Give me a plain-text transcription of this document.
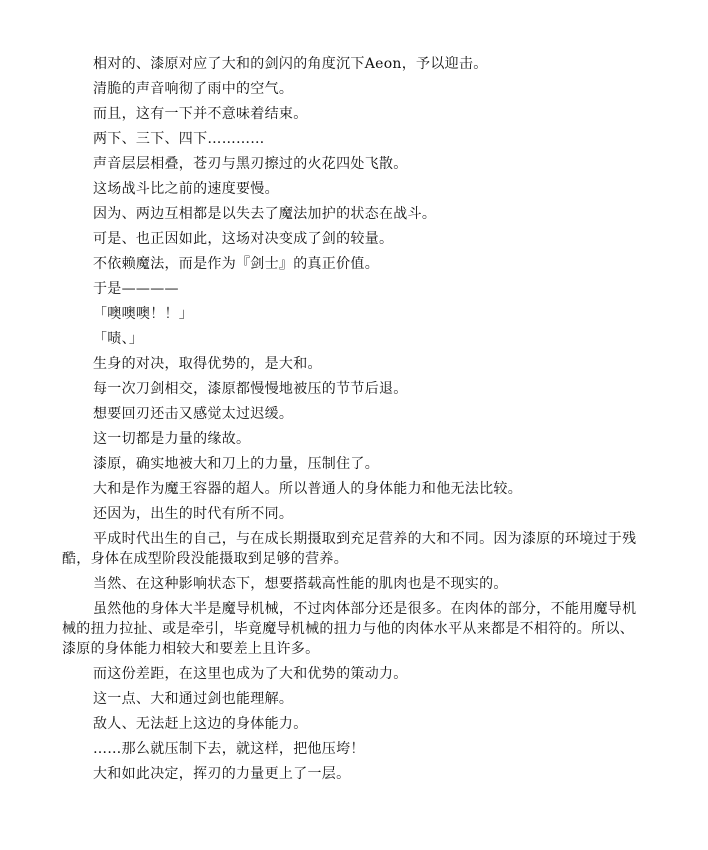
相对的、漆原对应了大和的剑闪的角度沉下Aeon，予以迎击。

清脆的声音响彻了雨中的空气。

而且，这有一下并不意味着结束。

两下、三下、四下…………

声音层层相叠，苍刃与黑刃擦过的火花四处飞散。

这场战斗比之前的速度要慢。

因为、两边互相都是以失去了魔法加护的状态在战斗。

可是、也正因如此，这场对决变成了剑的较量。

不依赖魔法，而是作为『剑士』的真正价值。

于是————

「噢噢噢！！」

「啧、」

生身的对决，取得优势的，是大和。

每一次刀剑相交，漆原都慢慢地被压的节节后退。

想要回刃还击又感觉太过迟缓。

这一切都是力量的缘故。

漆原，确实地被大和刀上的力量，压制住了。

大和是作为魔王容器的超人。所以普通人的身体能力和他无法比较。

还因为，出生的时代有所不同。

平成时代出生的自己，与在成长期摄取到充足营养的大和不同。因为漆原的环境过于残酷，身体在成型阶段没能摄取到足够的营养。

当然、在这种影响状态下，想要搭载高性能的肌肉也是不现实的。

虽然他的身体大半是魔导机械，不过肉体部分还是很多。在肉体的部分，不能用魔导机械的扭力拉扯、或是牵引，毕竟魔导机械的扭力与他的肉体水平从来都是不相符的。所以、漆原的身体能力相较大和要差上且许多。

而这份差距，在这里也成为了大和优势的策动力。

这一点、大和通过剑也能理解。

敌人、无法赶上这边的身体能力。

……那么就压制下去，就这样，把他压垮！

大和如此决定，挥刃的力量更上了一层。
